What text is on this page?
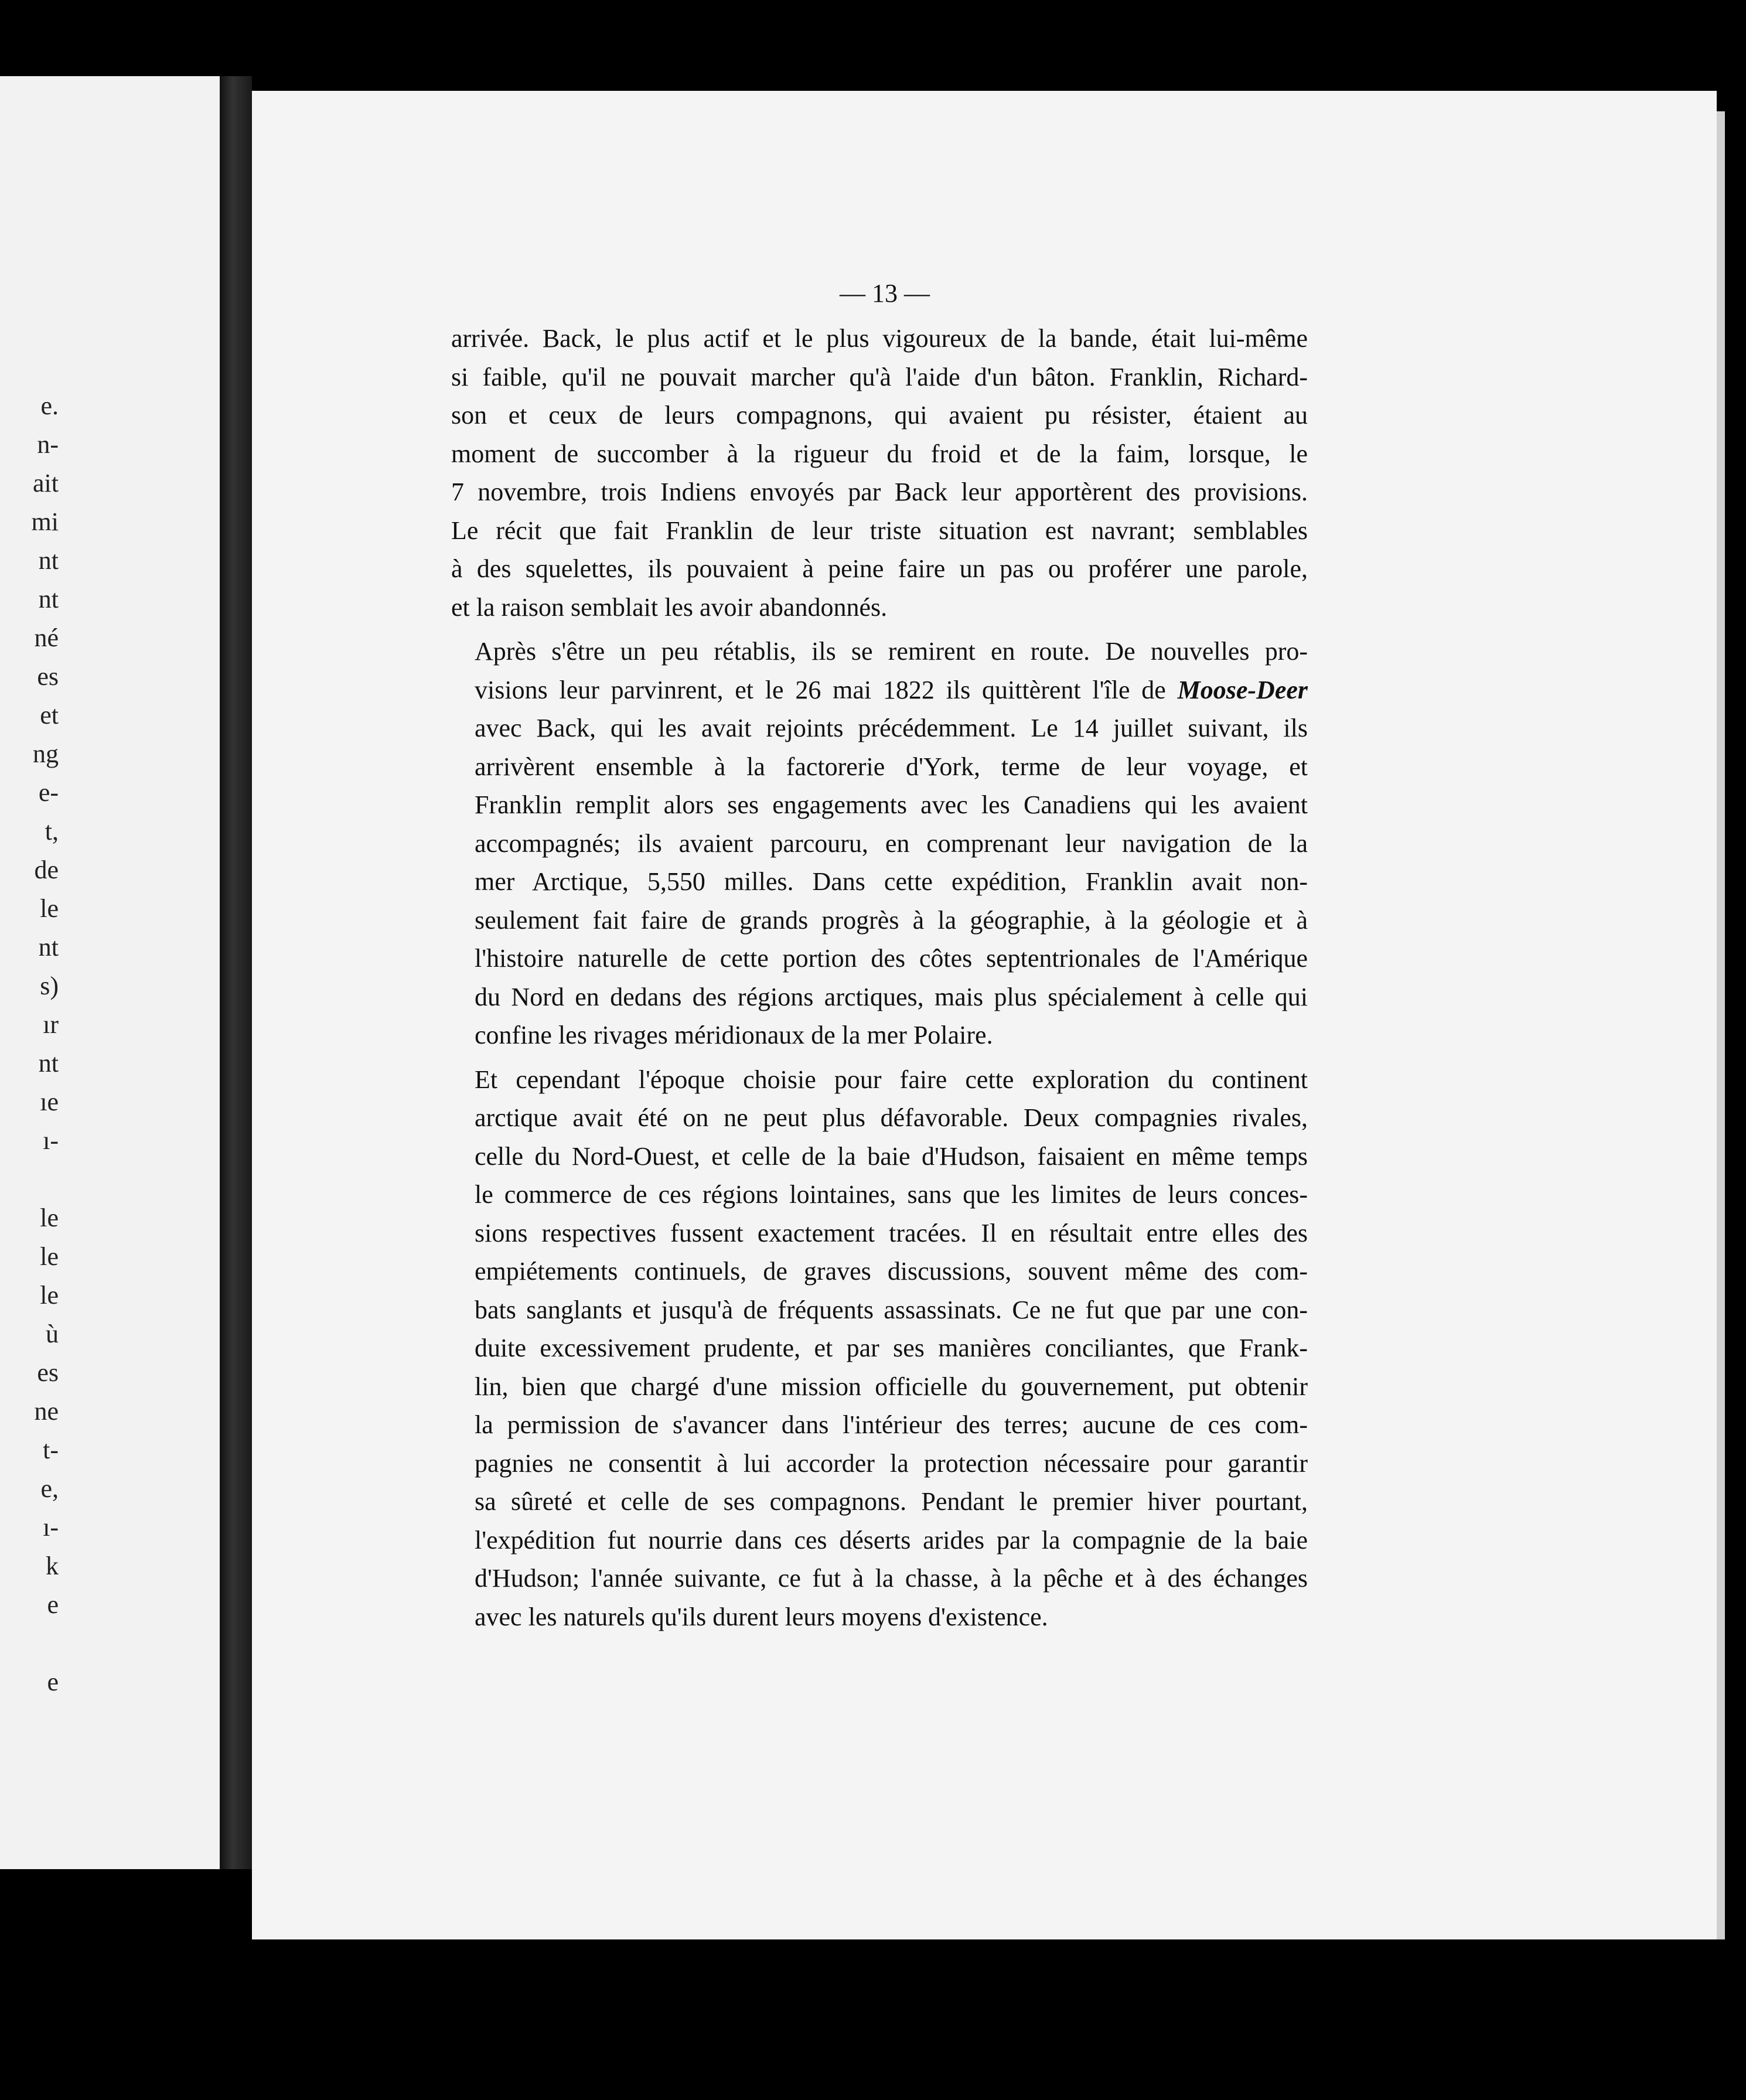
e.
n-
ait
mi
nt
nt
né
es
et
ng
e-
t,
de
le
nt
s)
ır
nt
ıe
ı-
le
le
le
ù
es
ne
t-
e,
ı-
k
e
e

— 13 —

arrivée. Back, le plus actif et le plus vigoureux de la bande, était lui-même
si faible, qu'il ne pouvait marcher qu'à l'aide d'un bâton. Franklin, Richard-
son et ceux de leurs compagnons, qui avaient pu résister, étaient au
moment de succomber à la rigueur du froid et de la faim, lorsque, le
7 novembre, trois Indiens envoyés par Back leur apportèrent des provisions.
Le récit que fait Franklin de leur triste situation est navrant; semblables
à des squelettes, ils pouvaient à peine faire un pas ou proférer une parole,
et la raison semblait les avoir abandonnés.

Après s'être un peu rétablis, ils se remirent en route. De nouvelles pro-
visions leur parvinrent, et le 26 mai 1822 ils quittèrent l'île de Moose-Deer
avec Back, qui les avait rejoints précédemment. Le 14 juillet suivant, ils
arrivèrent ensemble à la factorerie d'York, terme de leur voyage, et
Franklin remplit alors ses engagements avec les Canadiens qui les avaient
accompagnés; ils avaient parcouru, en comprenant leur navigation de la
mer Arctique, 5,550 milles. Dans cette expédition, Franklin avait non-
seulement fait faire de grands progrès à la géographie, à la géologie et à
l'histoire naturelle de cette portion des côtes septentrionales de l'Amérique
du Nord en dedans des régions arctiques, mais plus spécialement à celle qui
confine les rivages méridionaux de la mer Polaire.

Et cependant l'époque choisie pour faire cette exploration du continent
arctique avait été on ne peut plus défavorable. Deux compagnies rivales,
celle du Nord-Ouest, et celle de la baie d'Hudson, faisaient en même temps
le commerce de ces régions lointaines, sans que les limites de leurs conces-
sions respectives fussent exactement tracées. Il en résultait entre elles des
empiétements continuels, de graves discussions, souvent même des com-
bats sanglants et jusqu'à de fréquents assassinats. Ce ne fut que par une con-
duite excessivement prudente, et par ses manières conciliantes, que Frank-
lin, bien que chargé d'une mission officielle du gouvernement, put obtenir
la permission de s'avancer dans l'intérieur des terres; aucune de ces com-
pagnies ne consentit à lui accorder la protection nécessaire pour garantir
sa sûreté et celle de ses compagnons. Pendant le premier hiver pourtant,
l'expédition fut nourrie dans ces déserts arides par la compagnie de la baie
d'Hudson; l'année suivante, ce fut à la chasse, à la pêche et à des échanges
avec les naturels qu'ils durent leurs moyens d'existence.
